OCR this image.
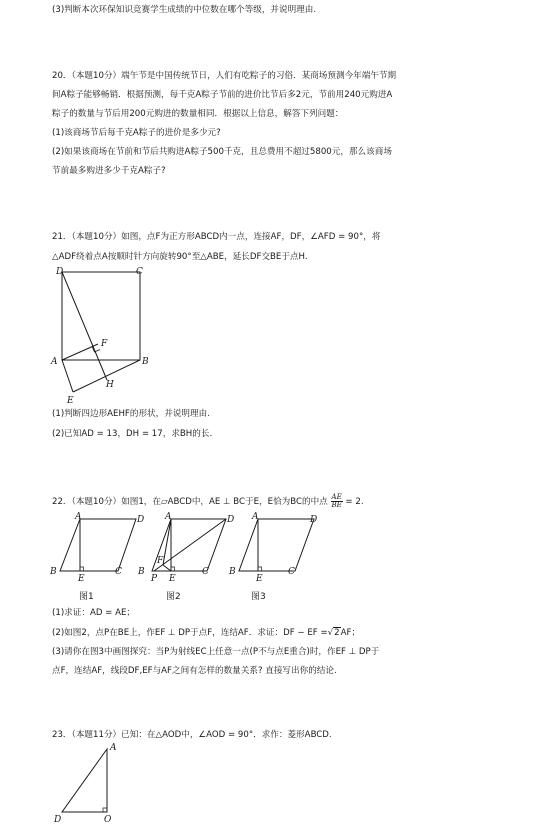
(3)判断本次环保知识竞赛学生成绩的中位数在哪个等级，并说明理由.
20．（本题10分）端午节是中国传统节日，人们有吃粽子的习俗．某商场预测今年端午节期
间A粽子能够畅销．根据预测，每千克A粽子节前的进价比节后多2元，节前用240元购进A
粽子的数量与节后用200元购进的数量相同．根据以上信息，解答下列问题：
(1)该商场节后每千克A粽子的进价是多少元?
(2)如果该商场在节前和节后共购进A粽子500千克，且总费用不超过5800元，那么该商场
节前最多购进多少千克A粽子?
21．（本题10分）如图，点F为正方形ABCD内一点，连接AF，DF，∠AFD = 90°，将
△ADF绕着点A按顺时针方向旋转90°至△ABE，延长DF交BE于点H.
D	C
A	B
F
H
E
(1)判断四边形AEHF的形状，并说明理由.
(2)已知AD = 13，DH = 17，求BH的长.
22．（本题10分）如图1，在▱ABCD中，AE ⊥ BC于E，E恰为BC的中点 $\frac{AE}{BE} = 2$.
A	D
B
E
C
图1
A	D
F
B
P E
C
图2
A	D
B
E
C
图3
(1)求证：AD = AE；
(2)如图2，点P在BE上，作EF ⊥ DP于点F，连结AF．求证：DF − EF =√2AF；
(3)请你在图3中画图探究：当P为射线EC上任意一点(P不与点E重合)时，作EF ⊥ DP于
点F，连结AF，线段DF,EF与AF之间有怎样的数量关系? 直接写出你的结论.
23．（本题11分）已知：在△AOD中，∠AOD = 90°．求作：菱形ABCD.
A
D	O
